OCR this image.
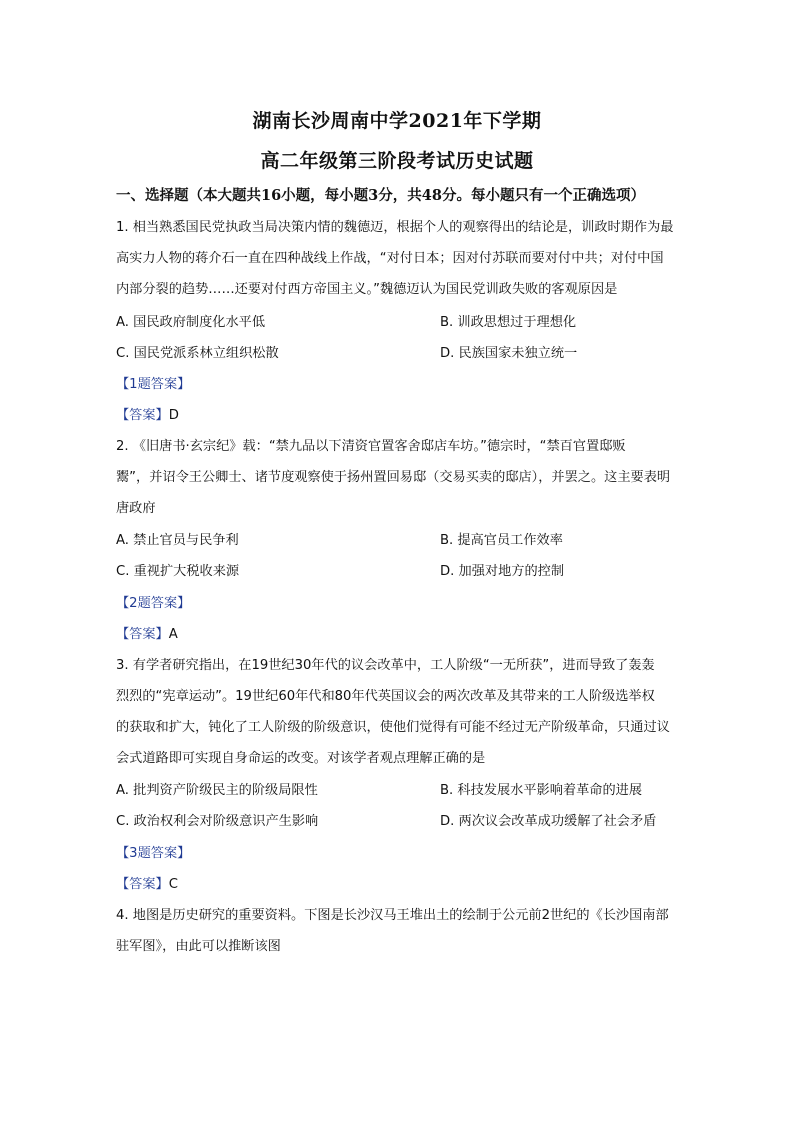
湖南长沙周南中学2021年下学期
高二年级第三阶段考试历史试题
一、选择题（本大题共16小题，每小题3分，共48分。每小题只有一个正确选项）
1. 相当熟悉国民党执政当局决策内情的魏德迈，根据个人的观察得出的结论是，训政时期作为最
高实力人物的蒋介石一直在四种战线上作战，“对付日本；因对付苏联而要对付中共；对付中国
内部分裂的趋势……还要对付西方帝国主义。”魏德迈认为国民党训政失败的客观原因是
A. 国民政府制度化水平低	B. 训政思想过于理想化
C. 国民党派系林立组织松散	D. 民族国家未独立统一
【1题答案】
【答案】D
2. 《旧唐书·玄宗纪》载：“禁九品以下清资官置客舍邸店车坊。”德宗时，“禁百官置邸贩
鬻”，并诏令王公卿士、诸节度观察使于扬州置回易邸（交易买卖的邸店），并罢之。这主要表明
唐政府
A. 禁止官员与民争利	B. 提高官员工作效率
C. 重视扩大税收来源	D. 加强对地方的控制
【2题答案】
【答案】A
3. 有学者研究指出，在19世纪30年代的议会改革中，工人阶级“一无所获”，进而导致了轰轰
烈烈的“宪章运动”。19世纪60年代和80年代英国议会的两次改革及其带来的工人阶级选举权
的获取和扩大，钝化了工人阶级的阶级意识，使他们觉得有可能不经过无产阶级革命，只通过议
会式道路即可实现自身命运的改变。对该学者观点理解正确的是
A. 批判资产阶级民主的阶级局限性	B. 科技发展水平影响着革命的进展
C. 政治权利会对阶级意识产生影响	D. 两次议会改革成功缓解了社会矛盾
【3题答案】
【答案】C
4. 地图是历史研究的重要资料。下图是长沙汉马王堆出土的绘制于公元前2世纪的《长沙国南部
驻军图》，由此可以推断该图
